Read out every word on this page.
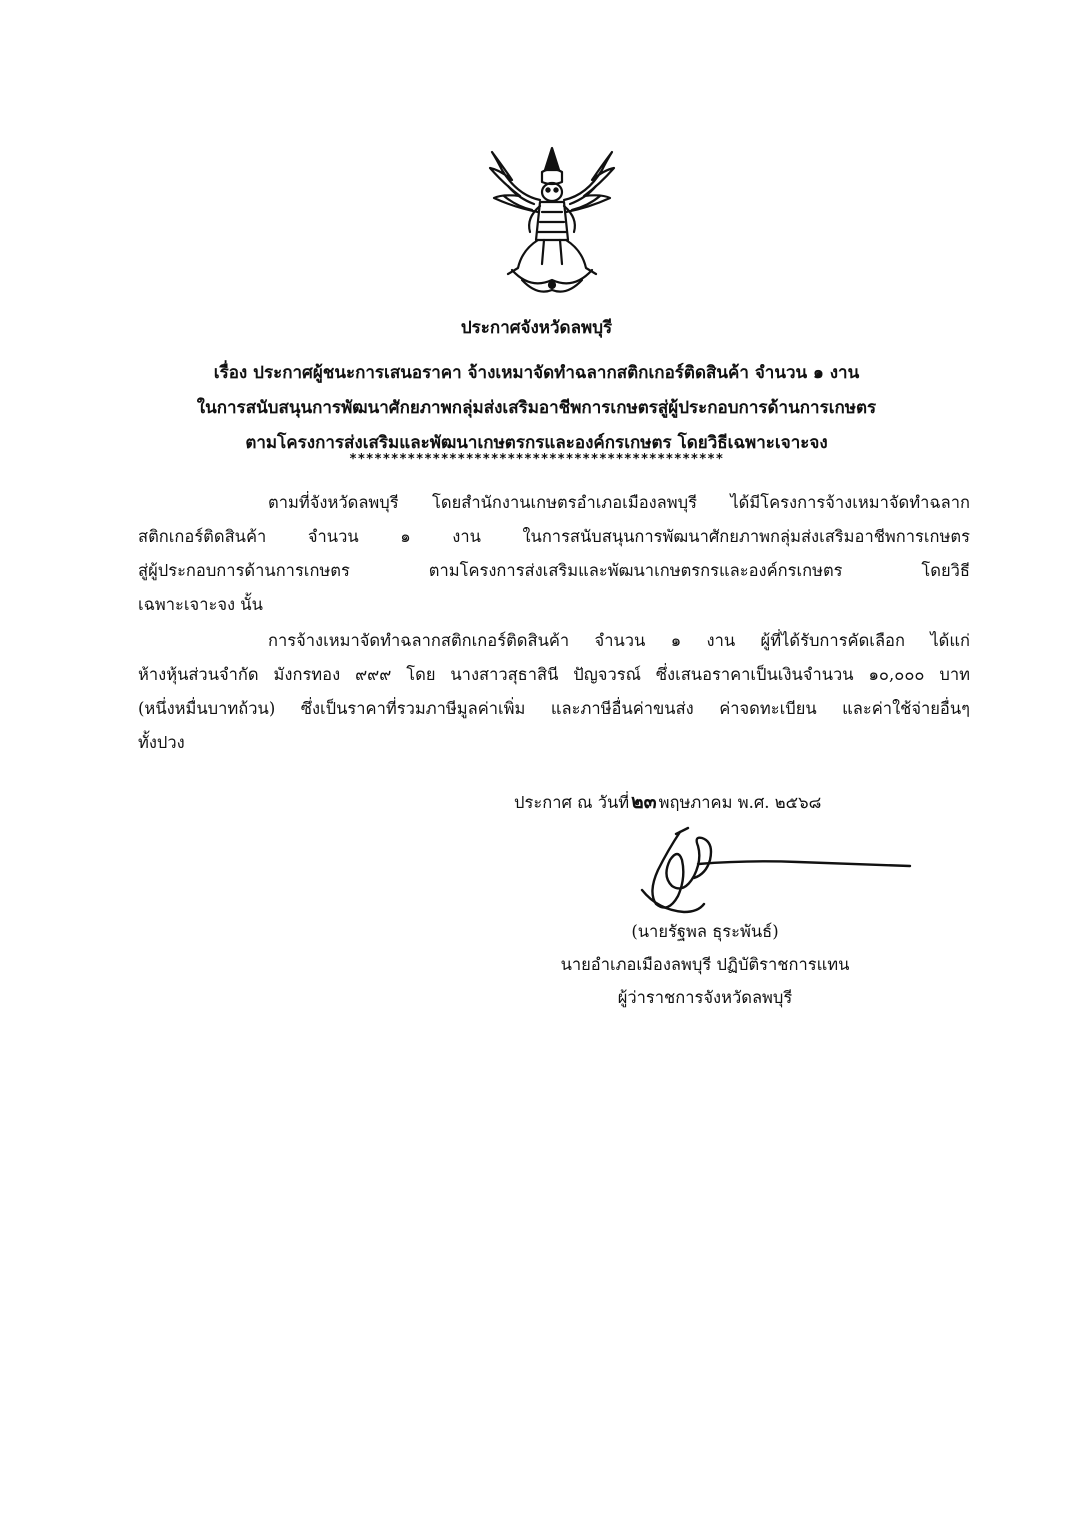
ประกาศจังหวัดลพบุรี
เรื่อง ประกาศผู้ชนะการเสนอราคา จ้างเหมาจัดทำฉลากสติกเกอร์ติดสินค้า จำนวน ๑ งาน
ในการสนับสนุนการพัฒนาศักยภาพกลุ่มส่งเสริมอาชีพการเกษตรสู่ผู้ประกอบการด้านการเกษตร
ตามโครงการส่งเสริมและพัฒนาเกษตรกรและองค์กรเกษตร โดยวิธีเฉพาะเจาะจง
*********************************************
ตามที่จังหวัดลพบุรี โดยสำนักงานเกษตรอำเภอเมืองลพบุรี ได้มีโครงการจ้างเหมาจัดทำฉลาก
สติกเกอร์ติดสินค้า จำนวน ๑ งาน ในการสนับสนุนการพัฒนาศักยภาพกลุ่มส่งเสริมอาชีพการเกษตร
สู่ผู้ประกอบการด้านการเกษตร ตามโครงการส่งเสริมและพัฒนาเกษตรกรและองค์กรเกษตร โดยวิธี
เฉพาะเจาะจง นั้น
การจ้างเหมาจัดทำฉลากสติกเกอร์ติดสินค้า จำนวน ๑ งาน ผู้ที่ได้รับการคัดเลือก ได้แก่
ห้างหุ้นส่วนจำกัด มังกรทอง ๙๙๙ โดย นางสาวสุธาสินี ปัญจวรณ์ ซึ่งเสนอราคาเป็นเงินจำนวน ๑๐,๐๐๐ บาท
(หนึ่งหมื่นบาทถ้วน) ซึ่งเป็นราคาที่รวมภาษีมูลค่าเพิ่ม และภาษีอื่นค่าขนส่ง ค่าจดทะเบียน และค่าใช้จ่ายอื่นๆ
ทั้งปวง
ประกาศ ณ วันที่ ๒๓ พฤษภาคม พ.ศ. ๒๕๖๘
(นายรัฐพล ธุระพันธ์)
นายอำเภอเมืองลพบุรี ปฏิบัติราชการแทน
ผู้ว่าราชการจังหวัดลพบุรี
